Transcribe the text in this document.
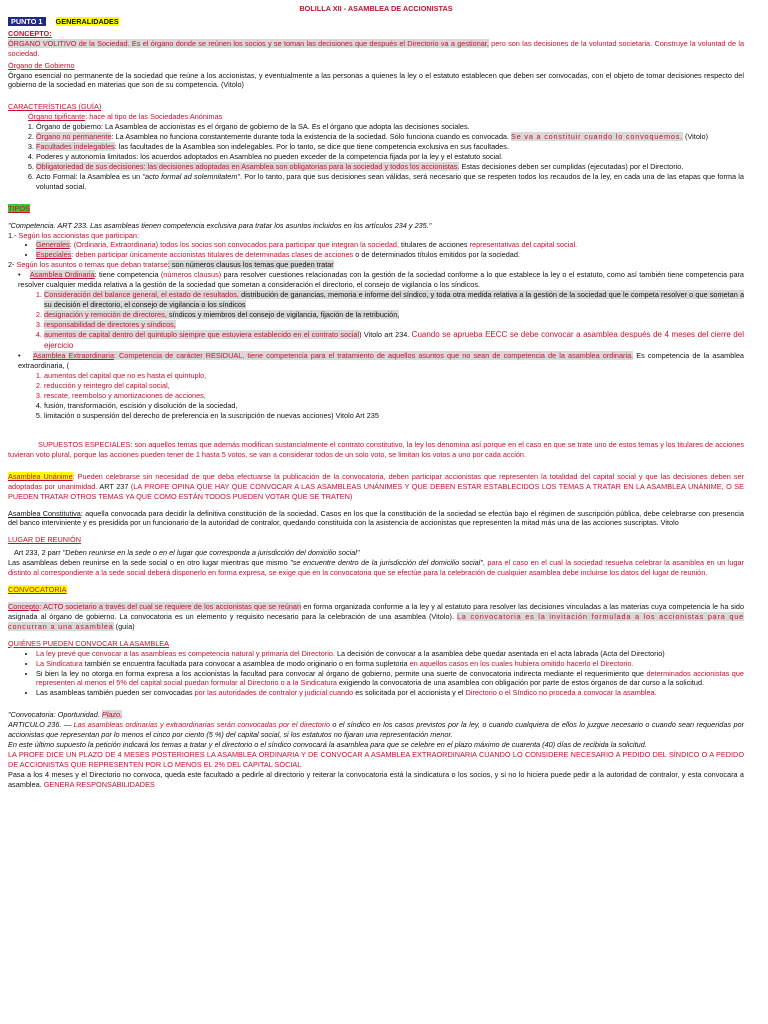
BOLILLA XII - ASAMBLEA DE ACCIONISTAS

PUNTO 1 GENERALIDADES

CONCEPTO:

ÓRGANO VOLITIVO de la Sociedad. Es el órgano donde se reúnen los socios y se toman las decisiones que después el Directorio va a gestionar, pero son las decisiones de la voluntad societaria. Construye la voluntad de la sociedad.

Órgano de Gobierno

Órgano esencial no permanente de la sociedad que reúne a los accionistas, y eventualmente a las personas a quienes la ley o el estatuto establecen que deben ser convocadas, con el objeto de tomar decisiones respecto del gobierno de la sociedad en materias que son de su competencia. (Vitolo)

CARACTERÍSTICAS (GUÍA)

Órgano tipificante: hace al tipo de las Sociedades Anónimas

1. Órgano de gobierno: La Asamblea de accionistas es el órgano de gobierno de la SA. Es el órgano que adopta las decisiones sociales.
2. Órgano no permanente: La Asamblea no funciona constantemente durante toda la existencia de la sociedad. Sólo funciona cuando es convocada. Se va a constituir cuando lo convoquemos. (Vitolo)
3. Facultades indelegables: las facultades de la Asamblea son indelegables. Por lo tanto, se dice que tiene competencia exclusiva en sus facultades.
4. Poderes y autonomía limitados: los acuerdos adoptados en Asamblea no pueden exceder de la competencia fijada por la ley y el estatuto social.
5. Obligatoriedad de sus decisiones: las decisiones adoptadas en Asamblea son obligatorias para la sociedad y todos los accionistas. Estas decisiones deben ser cumplidas (ejecutadas) por el Directorio.
6. Acto Formal: la Asamblea es un "acto formal ad solemnitatem". Por lo tanto, para que sus decisiones sean válidas, será necesario que se respeten todos los recaudos de la ley, en cada una de las etapas que forma la voluntad social.

TIPOS

"Competencia. ART 233. Las asambleas tienen competencia exclusiva para tratar los asuntos incluidos en los artículos 234 y 235."

1.- Según los accionistas que participan:

• Generales: (Ordinaria, Extraordinaria) todos los socios son convocados para participar que integran la sociedad, titulares de acciones representativas del capital social.
• Especiales: deben participar únicamente accionistas titulares de determinadas clases de acciones o de determinados títulos emitidos por la sociedad.

2- Según los asuntos o temas que deban tratarse: son números clausus los temas que pueden tratar

•    Asamblea Ordinaria: tiene competencia (números clausus) para resolver cuestiones relacionadas con la gestión de la sociedad conforme a lo que establece la ley o el estatuto, como así también tiene competencia para resolver cualquier medida relativa a la gestión de la sociedad que sometan a consideración el directorio, el consejo de vigilancia o los síndicos.

1. Consideración del balance general, el estado de resultados, distribución de ganancias, memoria e informe del síndico, y toda otra medida relativa a la gestión de la sociedad que le competa resolver o que sometan a su decisión el directorio, el consejo de vigilancia o los síndicos
2. designación y remoción de directores, síndicos y miembros del consejo de vigilancia, fijación de la retribución,
3. responsabilidad de directores y síndicos,
4. aumentos de capital dentro del quintuplo siempre que estuviera establecido en el contrato social) Vitolo art 234. Cuando se aprueba EECC se debe convocar a asamblea después de 4 meses del cierre del ejercicio

•    Asamblea Extraordinaria: Competencia de carácter RESIDUAL, tiene competencia para el tratamiento de aquellos asuntos que no sean de competencia de la asamblea ordinaria. Es competencia de la asamblea extraordinaria, (

1. aumentos del capital que no es hasta el quintuplo,
2. reducción y reintegro del capital social,
3. rescate, reembolso y amortizaciones de acciones,
4. fusión, transformación, escisión y disolución de la sociedad,
5. limitación o suspensión del derecho de preferencia en la suscripción de nuevas acciones) Vitolo Art 235

SUPUESTOS ESPECIALES: son aquellos temas que además modifican sustancialmente el contrato constitutivo, la ley los denomina así porque en el caso en que se trate uno de estos temas y los titulares de acciones tuvieran voto plural, porque las acciones pueden tener de 1 hasta 5 votos, se van a considerar todos de un solo voto, se limitan los votos a uno por cada acción.

Asamblea Unánime: Pueden celebrarse sin necesidad de que deba efectuarse la publicación de la convocatoria, deben participar accionistas que representen la totalidad del capital social y que las decisiones deben ser adoptadas por unanimidad. ART 237 (LA PROFE OPINA QUE HAY QUE CONVOCAR A LAS ASAMBLEAS UNÁNIMES Y QUE DEBEN ESTAR ESTABLECIDOS LOS TEMAS A TRATAR EN LA ASAMBLEA UNÁNIME, O SE PUEDEN TRATAR OTROS TEMAS YA QUE COMO ESTÁN TODOS PUEDEN VOTAR QUE SE TRATEN)

Asamblea Constitutiva: aquella convocada para decidir la definitiva constitución de la sociedad. Casos en los que la constitución de la sociedad se efectúa bajo el régimen de suscripción pública, debe celebrarse con presencia del banco interviniente y es presidida por un funcionario de la autoridad de contralor, quedando constituida con la asistencia de accionistas que representen la mitad más una de las acciones suscriptas. Vitolo

LUGAR DE REUNIÓN

Art 233, 2 parr "Deben reunirse en la sede o en el lugar que corresponda a jurisdicción del domicilio social"

Las asambleas deben reunirse en la sede social o en otro lugar mientras que mismo "se encuentre dentro de la jurisdicción del domicilio social", para el caso en el cual la sociedad resuelva celebrar la asamblea en un lugar distinto al correspondiente a la sede social deberá disponerlo en forma expresa, se exige que en la convocatoria que se efectúe para la celebración de cualquier asamblea debe incluirse los datos del lugar de reunión.

CONVOCATORIA

Concepto: ACTO societario a través del cual se requiere de los accionistas que se reúnan en forma organizada conforme a la ley y al estatuto para resolver las decisiones vinculadas a las materias cuya competencia le ha sido asignada al órgano de gobierno. La convocatoria es un elemento y requisito necesario para la celebración de una asamblea (Vitolo). La convocatoria es la invitación formulada a los accionistas para que concurran a una asamblea (guía)

QUIÉNES PUEDEN CONVOCAR LA ASAMBLEA

• La ley prevé que convocar a las asambleas es competencia natural y primaria del Directorio. La decisión de convocar a la asamblea debe quedar asentada en el acta labrada (Acta del Directorio)
• La Sindicatura también se encuentra facultada para convocar a asamblea de modo originario o en forma supletoria en aquellos casos en los cuales hubiera omitido hacerlo el Directorio.
• Si bien la ley no otorga en forma expresa a los accionistas la facultad para convocar al órgano de gobierno, permite una suerte de convocatoria indirecta mediante el requerimiento que determinados accionistas que representen al menos el 5% del capital social puedan formular al Directorio o a la Sindicatura exigiendo la convocatoria de una asamblea con obligación por parte de estos órganos de dar curso a la solicitud.
• Las asambleas también pueden ser convocadas por las autoridades de contralor y judicial cuando es solicitada por el accionista y el Directorio o el Síndico no proceda a convocar la asamblea.

"Convocatoria: Oportunidad. Plazo.

ARTICULO 236. — Las asambleas ordinarias y extraordinarias serán convocadas por el directorio o el síndico en los casos previstos por la ley, o cuando cualquiera de ellos lo juzgue necesario o cuando sean requeridas por accionistas que representan por lo menos el cinco por ciento (5 %) del capital social, si los estatutos no fijaran una representación menor.

En este último supuesto la petición indicará los temas a tratar y el directorio o el síndico convocará la asamblea para que se celebre en el plazo máximo de cuarenta (40) días de recibida la solicitud.

LA PROFE DICE UN PLAZO DE 4 MESES POSTERIORES LA ASAMBLEA ORDINARIA Y DE CONVOCAR A ASAMBLEA EXTRAORDINARIA CUANDO LO CONSIDERE NECESARIO A PEDIDO DEL SÍNDICO O A PEDIDO DE ACCIONISTAS QUE REPRESENTEN POR LO MENOS EL 2% DEL CAPITAL SOCIAL

Pasa a los 4 meses y el Directorio no convoca, queda este facultado a pedirle al directorio y reiterar la convocatoria está la sindicatura o los socios, y si no lo hiciera puede pedir a la autoridad de contralor, y esta convocara a asamblea. GENERA RESPONSABILIDADES
